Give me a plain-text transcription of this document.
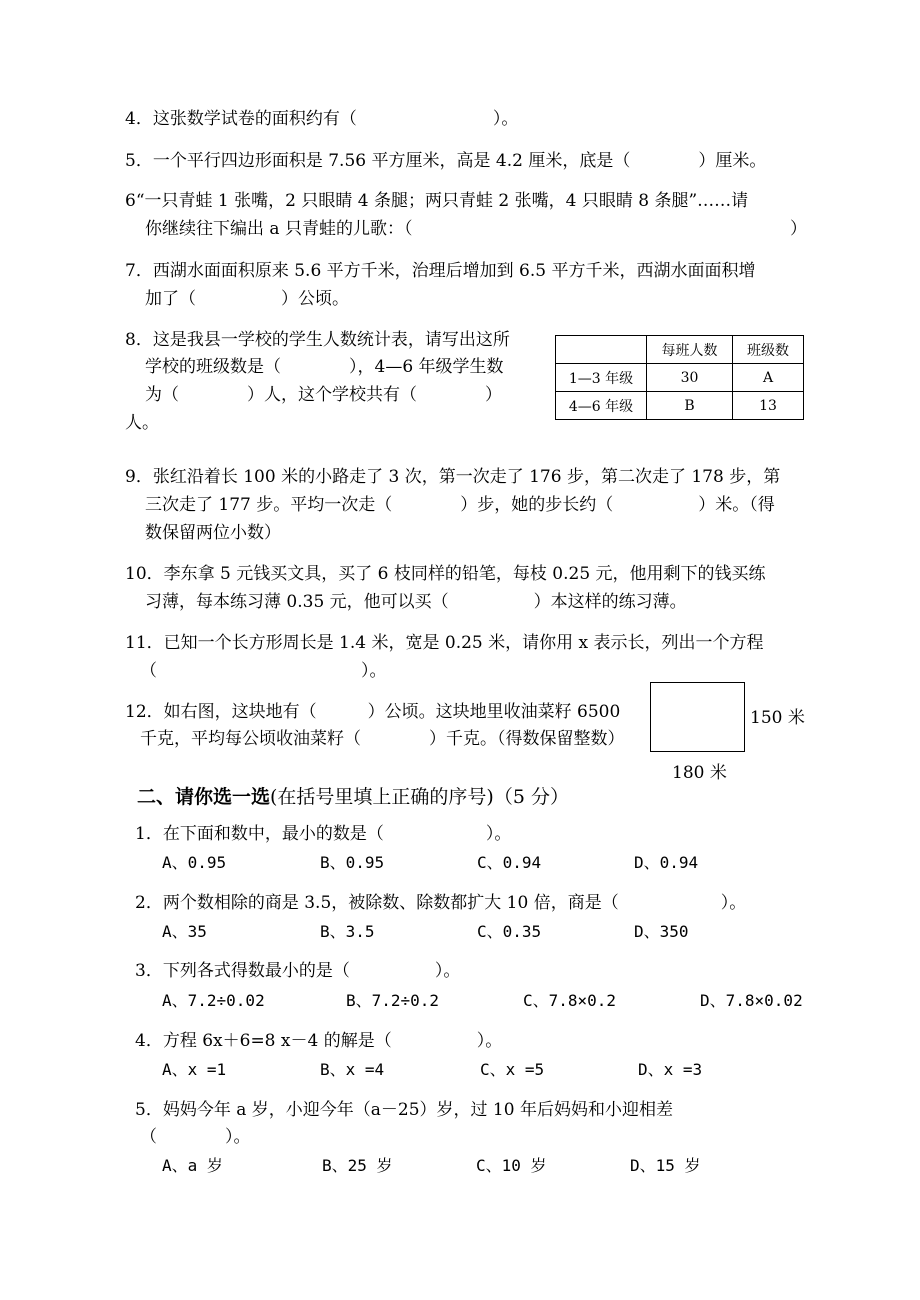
4．这张数学试卷的面积约有（　　　　　　　　）。
5．一个平行四边形面积是 7.56 平方厘米，高是 4.2 厘米，底是（　　　　）厘米。
6“一只青蛙 1 张嘴，2 只眼睛 4 条腿；两只青蛙 2 张嘴，4 只眼睛 8 条腿”……请
你继续往下编出 a 只青蛙的儿歌：（	）
7．西湖水面面积原来 5.6 平方千米，治理后增加到 6.5 平方千米，西湖水面面积增
加了（　　　　　）公顷。
8．这是我县一学校的学生人数统计表，请写出这所
学校的班级数是（　　　　），4—6 年级学生数
为（　　　　）人，这个学校共有（　　　　）
人。
	每班人数	班级数
1—3 年级	30	A
4—6 年级	B	13
9．张红沿着长 100 米的小路走了 3 次，第一次走了 176 步，第二次走了 178 步，第
三次走了 177 步。平均一次走（　　　　）步，她的步长约（　　　　　）米。（得
数保留两位小数）
10．李东拿 5 元钱买文具，买了 6 枝同样的铅笔，每枝 0.25 元，他用剩下的钱买练
习薄，每本练习薄 0.35 元，他可以买（　　　　　）本这样的练习薄。
11．已知一个长方形周长是 1.4 米，宽是 0.25 米，请你用 x 表示长，列出一个方程
（　　　　　　　　　　　　）。
12．如右图，这块地有（　　　）公顷。这块地里收油菜籽 6500
千克，平均每公顷收油菜籽（　　　　）千克。（得数保留整数）
150 米
180 米
二、请你选一选(在括号里填上正确的序号)（5 分）
1．在下面和数中，最小的数是（　　　　　　）。
A、0.95	B、0.95	C、0.94	D、0.94
2．两个数相除的商是 3.5，被除数、除数都扩大 10 倍，商是（　　　　　　）。
A、35	B、3.5	C、0.35	D、350
3．下列各式得数最小的是（　　　　　）。
A、7.2÷0.02	B、7.2÷0.2	C、7.8×0.2	D、7.8×0.02
4．方程 6x＋6=8 x－4 的解是（　　　　　）。
A、x =1	B、x =4	C、x =5	D、x =3
5．妈妈今年 a 岁，小迎今年（a－25）岁，过 10 年后妈妈和小迎相差
（　　　　）。
A、a 岁	B、25 岁	C、10 岁	D、15 岁
